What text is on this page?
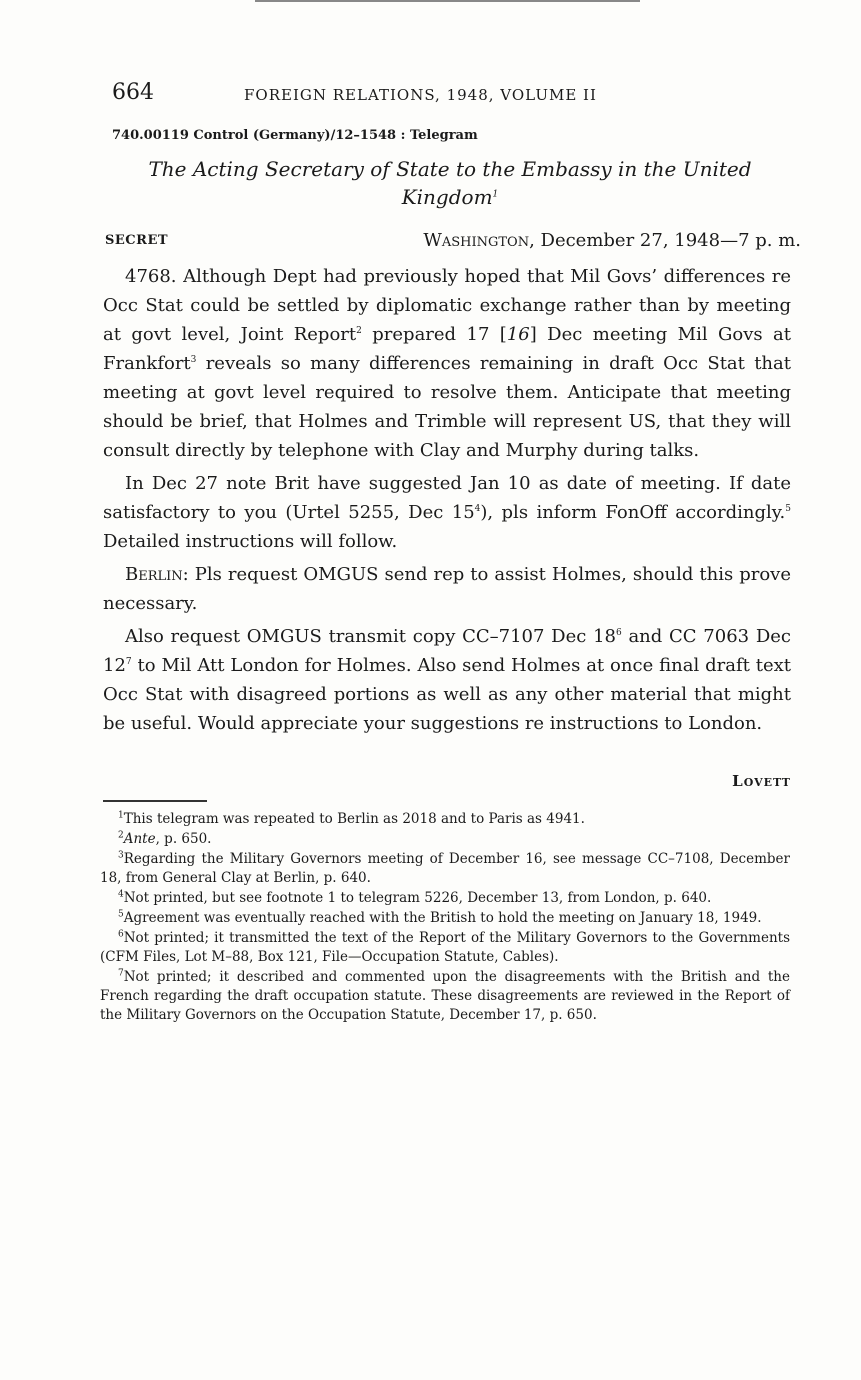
664	FOREIGN RELATIONS, 1948, VOLUME II
740.00119 Control (Germany)/12–1548 : Telegram
The Acting Secretary of State to the Embassy in the United
Kingdom$^1$
SECRET	Washington, December 27, 1948—7 p. m.

4768. Although Dept had previously hoped that Mil Govs’ differences re Occ Stat could be settled by diplomatic exchange rather than by meeting at govt level, Joint Report$^2$ prepared 17 [16] Dec meeting Mil Govs at Frankfort$^3$ reveals so many differences remaining in draft Occ Stat that meeting at govt level required to resolve them. Anticipate that meeting should be brief, that Holmes and Trimble will represent US, that they will consult directly by telephone with Clay and Murphy during talks.

In Dec 27 note Brit have suggested Jan 10 as date of meeting. If date satisfactory to you (Urtel 5255, Dec $15^4$), pls inform FonOff accordingly.$^5$ Detailed instructions will follow.

Berlin: Pls request OMGUS send rep to assist Holmes, should this prove necessary.

Also request OMGUS transmit copy CC–7107 Dec $18^6$ and CC 7063 Dec $12^7$ to Mil Att London for Holmes. Also send Holmes at once final draft text Occ Stat with disagreed portions as well as any other material that might be useful. Would appreciate your suggestions re instructions to London.

Lovett

$^1$This telegram was repeated to Berlin as 2018 and to Paris as 4941.

$^2$Ante, p. 650.

$^3$Regarding the Military Governors meeting of December 16, see message CC–7108, December 18, from General Clay at Berlin, p. 640.

$^4$Not printed, but see footnote 1 to telegram 5226, December 13, from London, p. 640.

$^5$Agreement was eventually reached with the British to hold the meeting on January 18, 1949.

$^6$Not printed; it transmitted the text of the Report of the Military Governors to the Governments (CFM Files, Lot M–88, Box 121, File—Occupation Statute, Cables).

$^7$Not printed; it described and commented upon the disagreements with the British and the French regarding the draft occupation statute. These disagreements are reviewed in the Report of the Military Governors on the Occupation Statute, December 17, p. 650.
